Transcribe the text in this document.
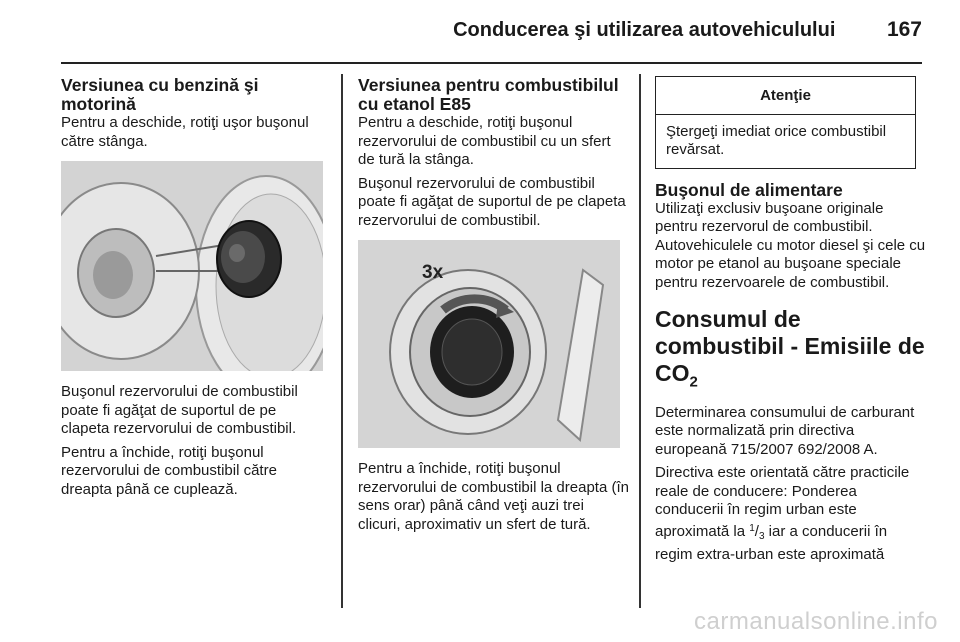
Conducerea şi utilizarea autovehiculului 167
Versiunea cu benzină şi motorină

Pentru a deschide, rotiţi uşor buşonul către stânga.

Buşonul rezervorului de combustibil poate fi agăţat de suportul de pe clapeta rezervorului de combustibil.

Pentru a închide, rotiţi buşonul rezervorului de combustibil către dreapta până ce cuplează.

Versiunea pentru combustibilul cu etanol E85

Pentru a deschide, rotiţi buşonul rezervorului de combustibil cu un sfert de tură la stânga.

Buşonul rezervorului de combustibil poate fi agăţat de suportul de pe clapeta rezervorului de combustibil.

3x

Pentru a închide, rotiţi buşonul rezervorului de combustibil la dreapta (în sens orar) până când veţi auzi trei clicuri, aproximativ un sfert de tură.

Atenţie
Ştergeţi imediat orice combustibil revărsat.
Buşonul de alimentare

Utilizaţi exclusiv buşoane originale pentru rezervorul de combustibil. Autovehiculele cu motor diesel şi cele cu motor pe etanol au buşoane speciale pentru rezervoarele de combustibil.

Consumul de combustibil - Emisiile de $CO_2$

Determinarea consumului de carburant este normalizată prin directiva europeană 715/2007 692/2008 A.

Directiva este orientată către practicile reale de conducere: Ponderea conducerii în regim urban este aproximată la $^1/_3$ iar a conducerii în regim extra-urban este aproximată

carmanualsonline.info
